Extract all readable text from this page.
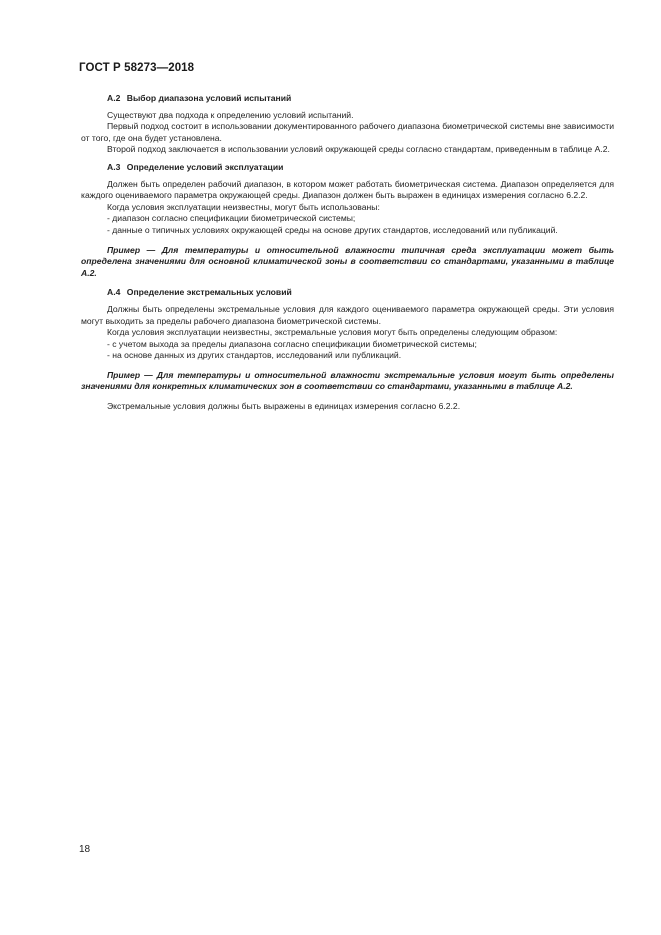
ГОСТ Р 58273—2018
А.2 Выбор диапазона условий испытаний

Существуют два подхода к определению условий испытаний.

Первый подход состоит в использовании документированного рабочего диапазона биометрической системы вне зависимости от того, где она будет установлена.

Второй подход заключается в использовании условий окружающей среды согласно стандартам, приведенным в таблице А.2.

А.3 Определение условий эксплуатации

Должен быть определен рабочий диапазон, в котором может работать биометрическая система. Диапазон определяется для каждого оцениваемого параметра окружающей среды. Диапазон должен быть выражен в единицах измерения согласно 6.2.2.

Когда условия эксплуатации неизвестны, могут быть использованы:

- диапазон согласно спецификации биометрической системы;

- данные о типичных условиях окружающей среды на основе других стандартов, исследований или публикаций.

Пример — Для температуры и относительной влажности типичная среда эксплуатации может быть определена значениями для основной климатической зоны в соответствии со стандартами, указанными в таблице А.2.

А.4 Определение экстремальных условий

Должны быть определены экстремальные условия для каждого оцениваемого параметра окружающей среды. Эти условия могут выходить за пределы рабочего диапазона биометрической системы.

Когда условия эксплуатации неизвестны, экстремальные условия могут быть определены следующим образом:

- с учетом выхода за пределы диапазона согласно спецификации биометрической системы;

- на основе данных из других стандартов, исследований или публикаций.

Пример — Для температуры и относительной влажности экстремальные условия могут быть определены значениями для конкретных климатических зон в соответствии со стандартами, указанными в таблице А.2.

Экстремальные условия должны быть выражены в единицах измерения согласно 6.2.2.

18
